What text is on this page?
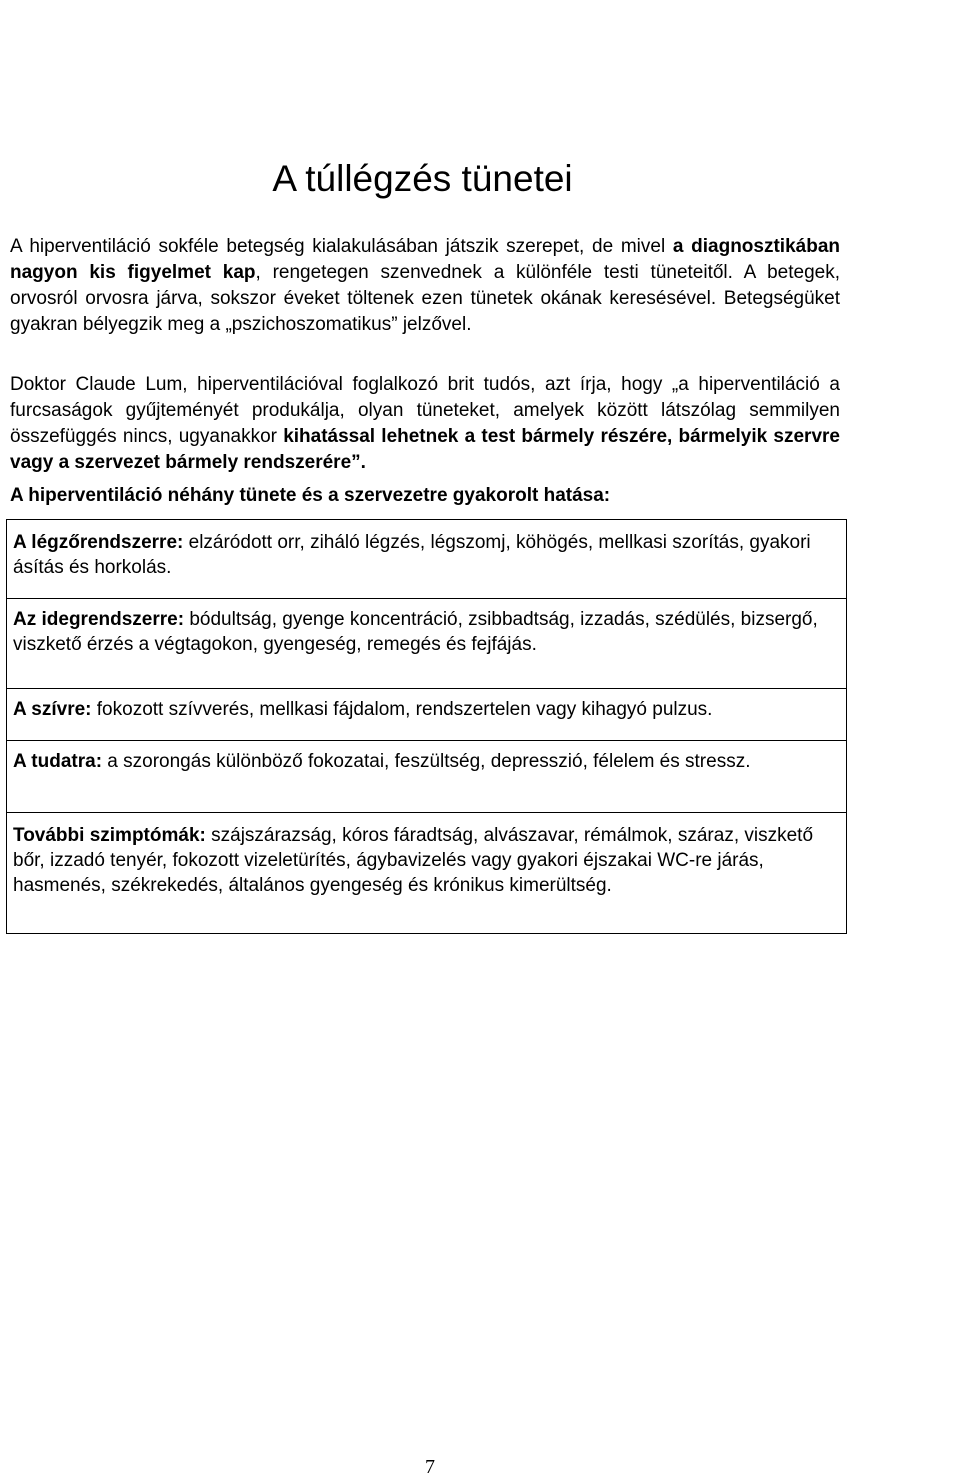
A túllégzés tünetei

A hiperventiláció sokféle betegség kialakulásában játszik szerepet, de mivel a diagnosztikában nagyon kis figyelmet kap, rengetegen szenvednek a különféle testi tüneteitől. A betegek, orvosról orvosra járva, sokszor éveket töltenek ezen tünetek okának keresésével. Betegségüket gyakran bélyegzik meg a „pszichoszomatikus” jelzővel.

Doktor Claude Lum, hiperventilációval foglalkozó brit tudós, azt írja, hogy „a hiperventiláció a furcsaságok gyűjteményét produkálja, olyan tüneteket, amelyek között látszólag semmilyen összefüggés nincs, ugyanakkor kihatással lehetnek a test bármely részére, bármelyik szervre vagy a szervezet bármely rendszerére”.

A hiperventiláció néhány tünete és a szervezetre gyakorolt hatása:
A légzőrendszerre: elzáródott orr, ziháló légzés, légszomj, köhögés, mellkasi szorítás, gyakori ásítás és horkolás.
Az idegrendszerre: bódultság, gyenge koncentráció, zsibbadtság, izzadás, szédülés, bizsergő, viszkető érzés a végtagokon, gyengeség, remegés és fejfájás.
A szívre: fokozott szívverés, mellkasi fájdalom, rendszertelen vagy kihagyó pulzus.
A tudatra: a szorongás különböző fokozatai, feszültség, depresszió, félelem és stressz.
További szimptómák: szájszárazság, kóros fáradtság, alvászavar, rémálmok, száraz, viszkető bőr, izzadó tenyér, fokozott vizeletürítés, ágybavizelés vagy gyakori éjszakai WC-re járás, hasmenés, székrekedés, általános gyengeség és krónikus kimerültség.
7
